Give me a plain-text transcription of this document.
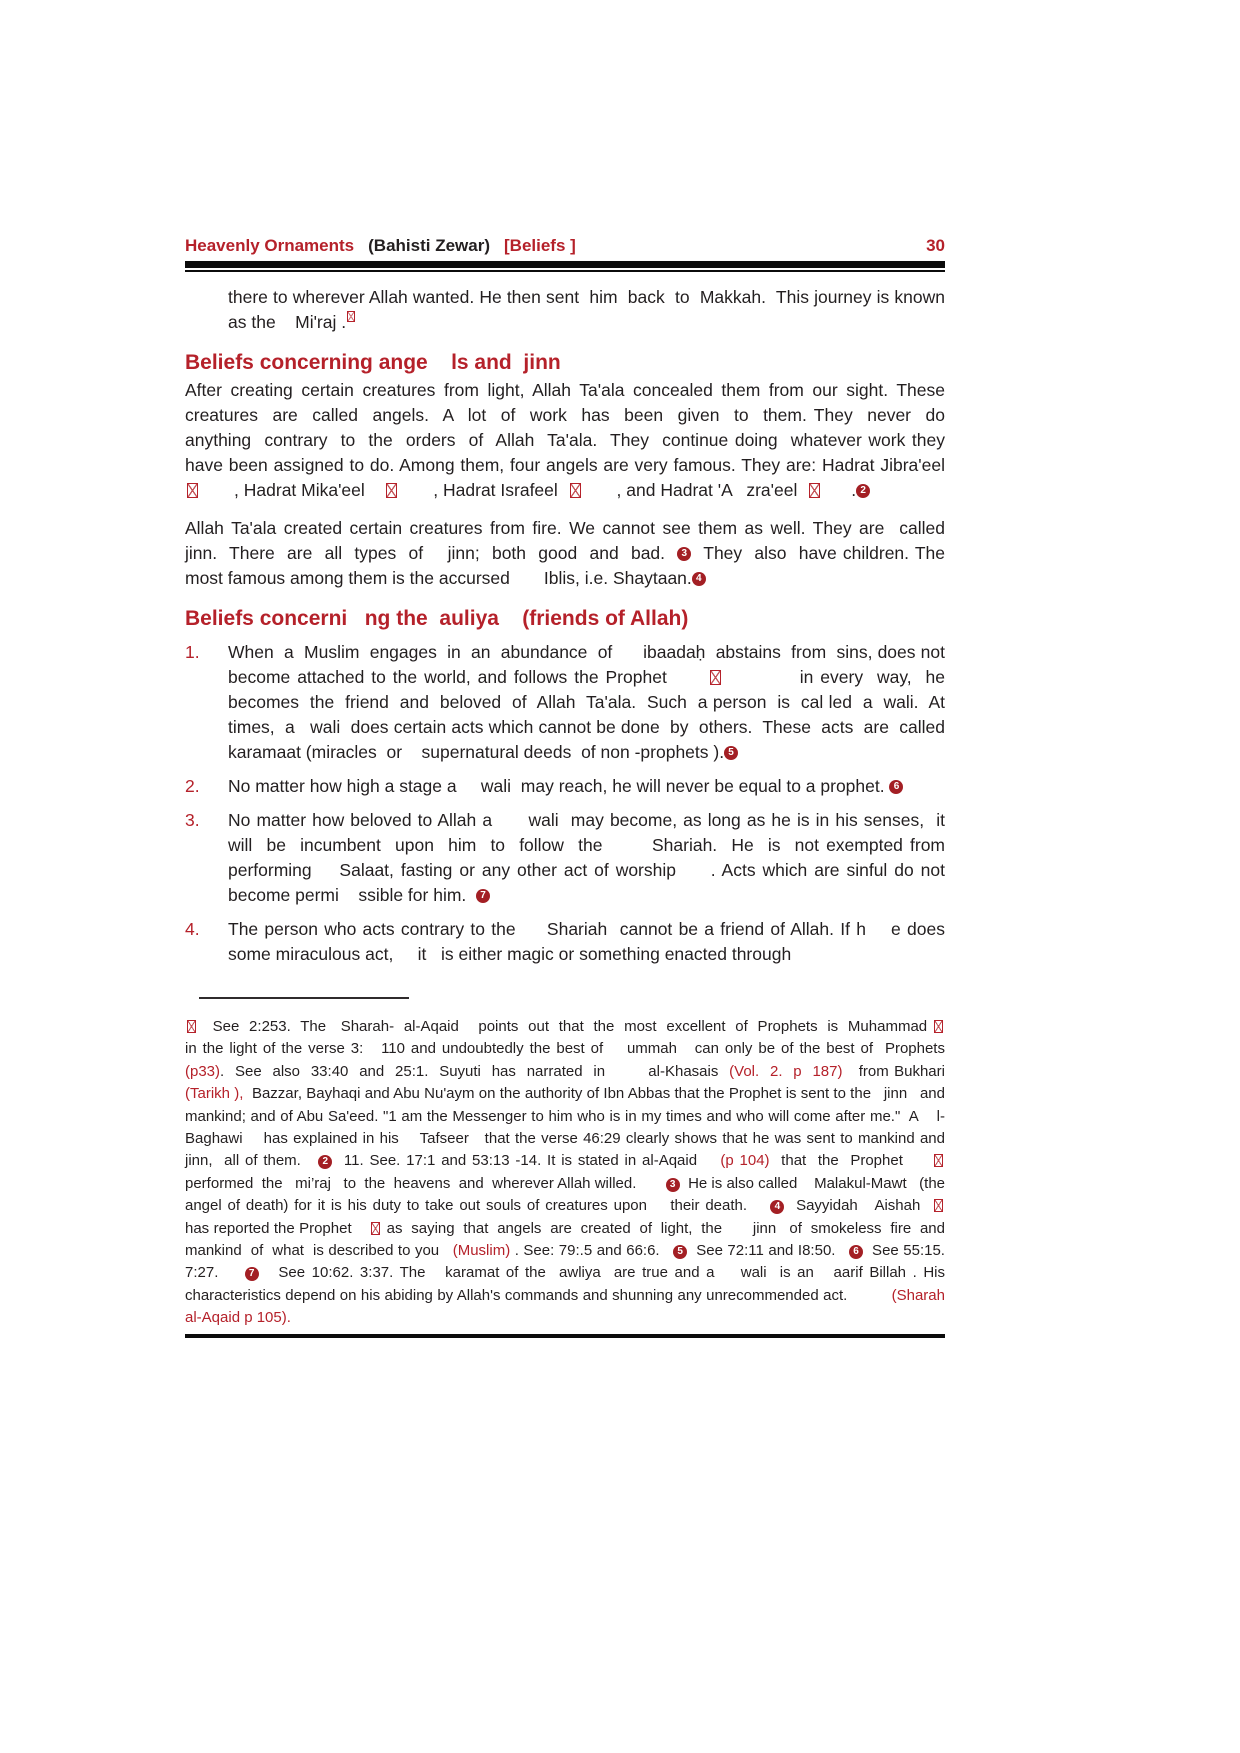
Heavenly Ornaments (Bahisti Zewar) [Beliefs ]	30

there to wherever Allah wanted. He then sent  him  back  to  Makkah.  This journey is known as the    Mi'raj .

Beliefs concerning ange    ls and  jinn

After creating certain creatures from light, Allah Ta'ala concealed them from our sight. These  creatures  are  called  angels.  A  lot  of  work  has  been  given  to  them. They  never  do  anything  contrary  to  the  orders  of  Allah  Ta'ala.  They  continue doing  whatever work they have been assigned to do. Among them, four angels are very famous. They are: Hadrat Jibra'eel             , Hadrat Mika'eel           , Hadrat Israfeel         , and Hadrat 'A   zra'eel        . 2

Allah Ta'ala created certain creatures from fire. We cannot see them as well. They are  called   jinn.  There  are  all  types  of    jinn;  both  good  and  bad.  3  They  also  have children. The most famous among them is the accursed       Iblis, i.e. Shaytaan. 4

Beliefs concerni   ng the  auliya    (friends of Allah)
1.	When  a  Muslim  engages  in  an  abundance  of      ibaadaḥ  abstains  from  sins, does not become attached to the world, and follows the Prophet                 in every  way,  he  becomes  the  friend  and  beloved  of  Allah  Ta'ala.  Such  a person  is  cal led  a  wali.  At times,  a   wali  does certain acts which cannot be done  by  others.  These  acts  are  called     karamaat (miracles  or    supernatural deeds  of non -prophets ). 5
2.	No matter how high a stage a     wali  may reach, he will never be equal to a prophet. 6
3.	No matter how beloved to Allah a      wali  may become, as long as he is in his senses,  it  will  be  incumbent  upon  him  to  follow  the       Shariah.  He  is  not exempted from performing    Salaat, fasting or any other act of worship     . Acts which are sinful do not become permi    ssible for him.  7
4.	The person who acts contrary to the     Shariah  cannot be a friend of Allah. If h    e does some miraculous act,     it   is either magic or something enacted through
See  2:253.  The   Sharah-  al-Aqaid    points  out  that  the  most  excellent  of  Prophets  is  Muhammad              in the light of the verse 3:   110 and undoubtedly the best of    ummah   can only be of the best of  Prophets    (p33).  See  also  33:40  and  25:1.  Suyuti  has  narrated  in        al-Khasais  (Vol.  2.  p  187)   from Bukhari   (Tarikh ),  Bazzar, Bayhaqi and Abu Nu'aym on the authority of Ibn Abbas that the Prophet is sent to the   jinn   and mankind; and of Abu Sa'eed. "1 am the Messenger to him who is in my times and who will come after me."  A    l-Baghawi    has explained in his    Tafseer   that the verse 46:29 clearly shows that he was sent to mankind and      jinn,  all of them.   2  11. See. 17:1 and 53:13 -14. It is stated in al-Aqaid    (p 104)  that  the  Prophet                    performed  the   mi’raj   to  the  heavens  and  wherever Allah willed.       3  He is also called    Malakul-Mawt   (the angel of death) for it is his duty to take out souls of creatures upon    their death.    4  Sayyidah   Aishah           has reported the Prophet     as  saying  that  angels  are  created  of  light,  the       jinn   of  smokeless  fire  and  mankind  of  what  is described to you   (Muslim) . See: 79:.5 and 66:6.   5  See 72:11 and I8:50.   6  See 55:15. 7:27.    7   See 10:62. 3:37. The   karamat of the  awliya  are true and a    wali  is an   aarif Billah . His characteristics depend on his abiding by Allah's commands and shunning any unrecommended act.          (Sharah al-Aqaid p 105).
